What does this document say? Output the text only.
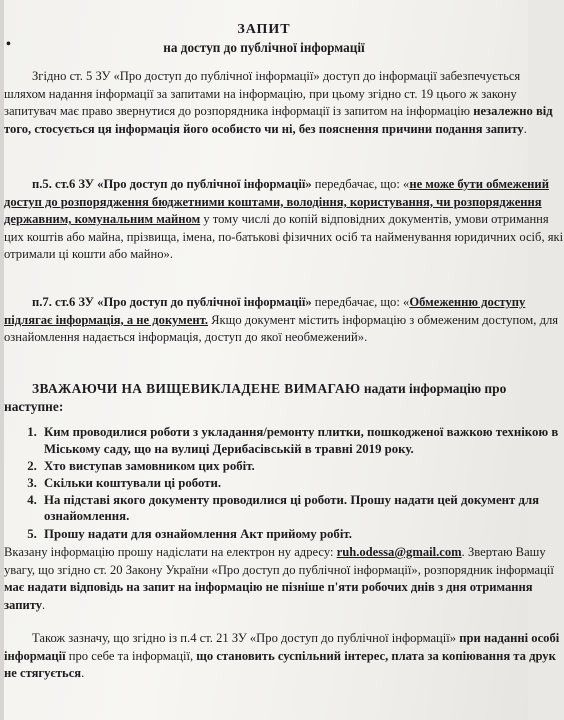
ЗАПИТ
•	на доступ до публічної інформації
Згідно ст. 5 ЗУ «Про доступ до публічної інформації» доступ до інформації забезпечується шляхом надання інформації за запитами на інформацію, при цьому згідно ст. 19 цього ж закону запитувач має право звернутися до розпорядника інформації із запитом на інформацію незалежно від того, стосується ця інформація його особисто чи ні, без пояснення причини подання запиту.
п.5. ст.6 ЗУ «Про доступ до публічної інформації» передбачає, що: «не може бути обмежений доступ до розпорядження бюджетними коштами, володіння, користування, чи розпорядження державним, комунальним майном у тому числі до копій відповідних документів, умови отримання цих коштів або майна, прізвища, імена, по-батькові фізичних осіб та найменування юридичних осіб, які отримали ці кошти або майно».
п.7. ст.6 ЗУ «Про доступ до публічної інформації» передбачає, що: «Обмеженню доступу підлягає інформація, а не документ. Якщо документ містить інформацію з обмеженим доступом, для ознайомлення надається інформація, доступ до якої необмежений».
ЗВАЖАЮЧИ НА ВИЩЕВИКЛАДЕНЕ ВИМАГАЮ надати інформацію про наступне:
1. Ким проводилися роботи з укладання/ремонту плитки, пошкодженої важкою технікою в Міському саду, що на вулиці Дерибасівській в травні 2019 року.
2. Хто виступав замовником цих робіт.
3. Скільки коштували ці роботи.
4. На підставі якого документу проводилися ці роботи. Прошу надати цей документ для ознайомлення.
5. Прошу надати для ознайомлення Акт прийому робіт.
Вказану інформацію прошу надіслати на електрон ну адресу: ruh.odessa@gmail.com. Звертаю Вашу увагу, що згідно ст. 20 Закону України «Про доступ до публічної інформації», розпорядник інформації має надати відповідь на запит на інформацію не пізніше п'яти робочих днів з дня отримання запиту.
Також зазначу, що згідно із п.4 ст. 21 ЗУ «Про доступ до публічної інформації» при наданні особі інформації про себе та інформації, що становить суспільний інтерес, плата за копіювання та друк не стягується.
